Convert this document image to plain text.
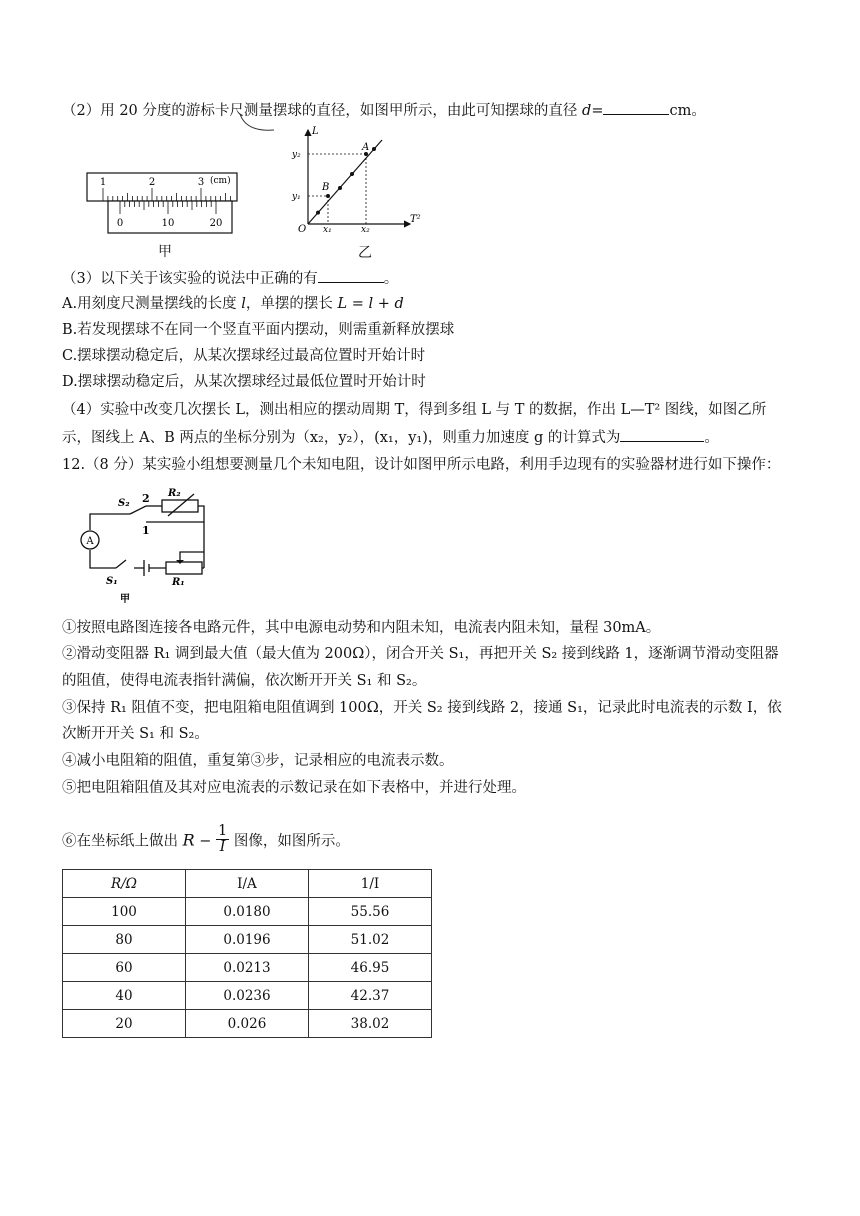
（2）用 20 分度的游标卡尺测量摆球的直径，如图甲所示，由此可知摆球的直径 d=	cm。
1	2	3 (cm)
0	10	20
甲
L
T²
O
y₂
y₁
x₁	x₂
A
B
乙
（3）以下关于该实验的说法中正确的有	。
A.用刻度尺测量摆线的长度 l，单摆的摆长 L = l + d
B.若发现摆球不在同一个竖直平面内摆动，则需重新释放摆球
C.摆球摆动稳定后，从某次摆球经过最高位置时开始计时
D.摆球摆动稳定后，从某次摆球经过最低位置时开始计时
（4）实验中改变几次摆长 L，测出相应的摆动周期 T，得到多组 L 与 T 的数据，作出 L—T² 图线，如图乙所
示，图线上 A、B 两点的坐标分别为（x₂，y₂），(x₁，y₁)，则重力加速度 g 的计算式为	。
12.（8 分）某实验小组想要测量几个未知电阻，设计如图甲所示电路，利用手边现有的实验器材进行如下操作：
A
S₂ 2
1
R₂
S₁	R₁
甲
①按照电路图连接各电路元件，其中电源电动势和内阻未知，电流表内阻未知，量程 30mA。
②滑动变阻器 R₁ 调到最大值（最大值为 200Ω），闭合开关 S₁，再把开关 S₂ 接到线路 1，逐渐调节滑动变阻器
的阻值，使得电流表指针满偏，依次断开开关 S₁ 和 S₂。
③保持 R₁ 阻值不变，把电阻箱电阻值调到 100Ω，开关 S₂ 接到线路 2，接通 S₁，记录此时电流表的示数 I，依
次断开开关 S₁ 和 S₂。
④减小电阻箱的阻值，重复第③步，记录相应的电流表示数。
⑤把电阻箱阻值及其对应电流表的示数记录在如下表格中，并进行处理。
⑥在坐标纸上做出 $R - \frac{1}{I}$ 图像，如图所示。
R/Ω	I/A	1/I
100	0.0180	55.56
80	0.0196	51.02
60	0.0213	46.95
40	0.0236	42.37
20	0.026	38.02
